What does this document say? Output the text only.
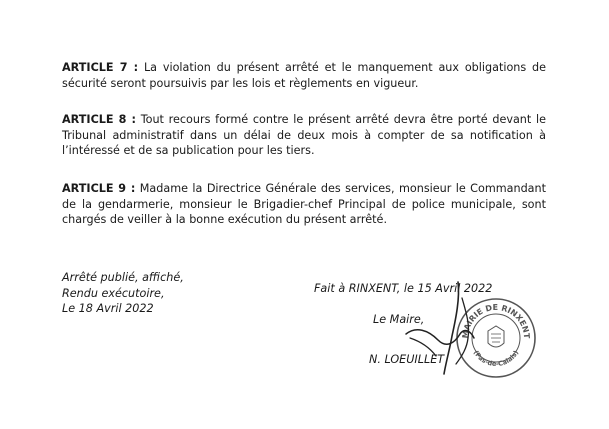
ARTICLE 7 : La violation du présent arrêté et le manquement aux obligations de sécurité seront poursuivis par les lois et règlements en vigueur.

ARTICLE 8 : Tout recours formé contre le présent arrêté devra être porté devant le Tribunal administratif dans un délai de deux mois à compter de sa notification à l’intéressé et de sa publication pour les tiers.

ARTICLE 9 : Madame la Directrice Générale des services, monsieur le Commandant de la gendarmerie, monsieur le Brigadier-chef Principal de police municipale, sont chargés de veiller à la bonne exécution du présent arrêté.

Arrêté publié, affiché,
Rendu exécutoire,
Le 18 Avril 2022
MAIRIE DE RINXENT
(Pas-de-Calais)
Fait à RINXENT, le 15 Avril 2022
Le Maire,
N. LOEUILLET
